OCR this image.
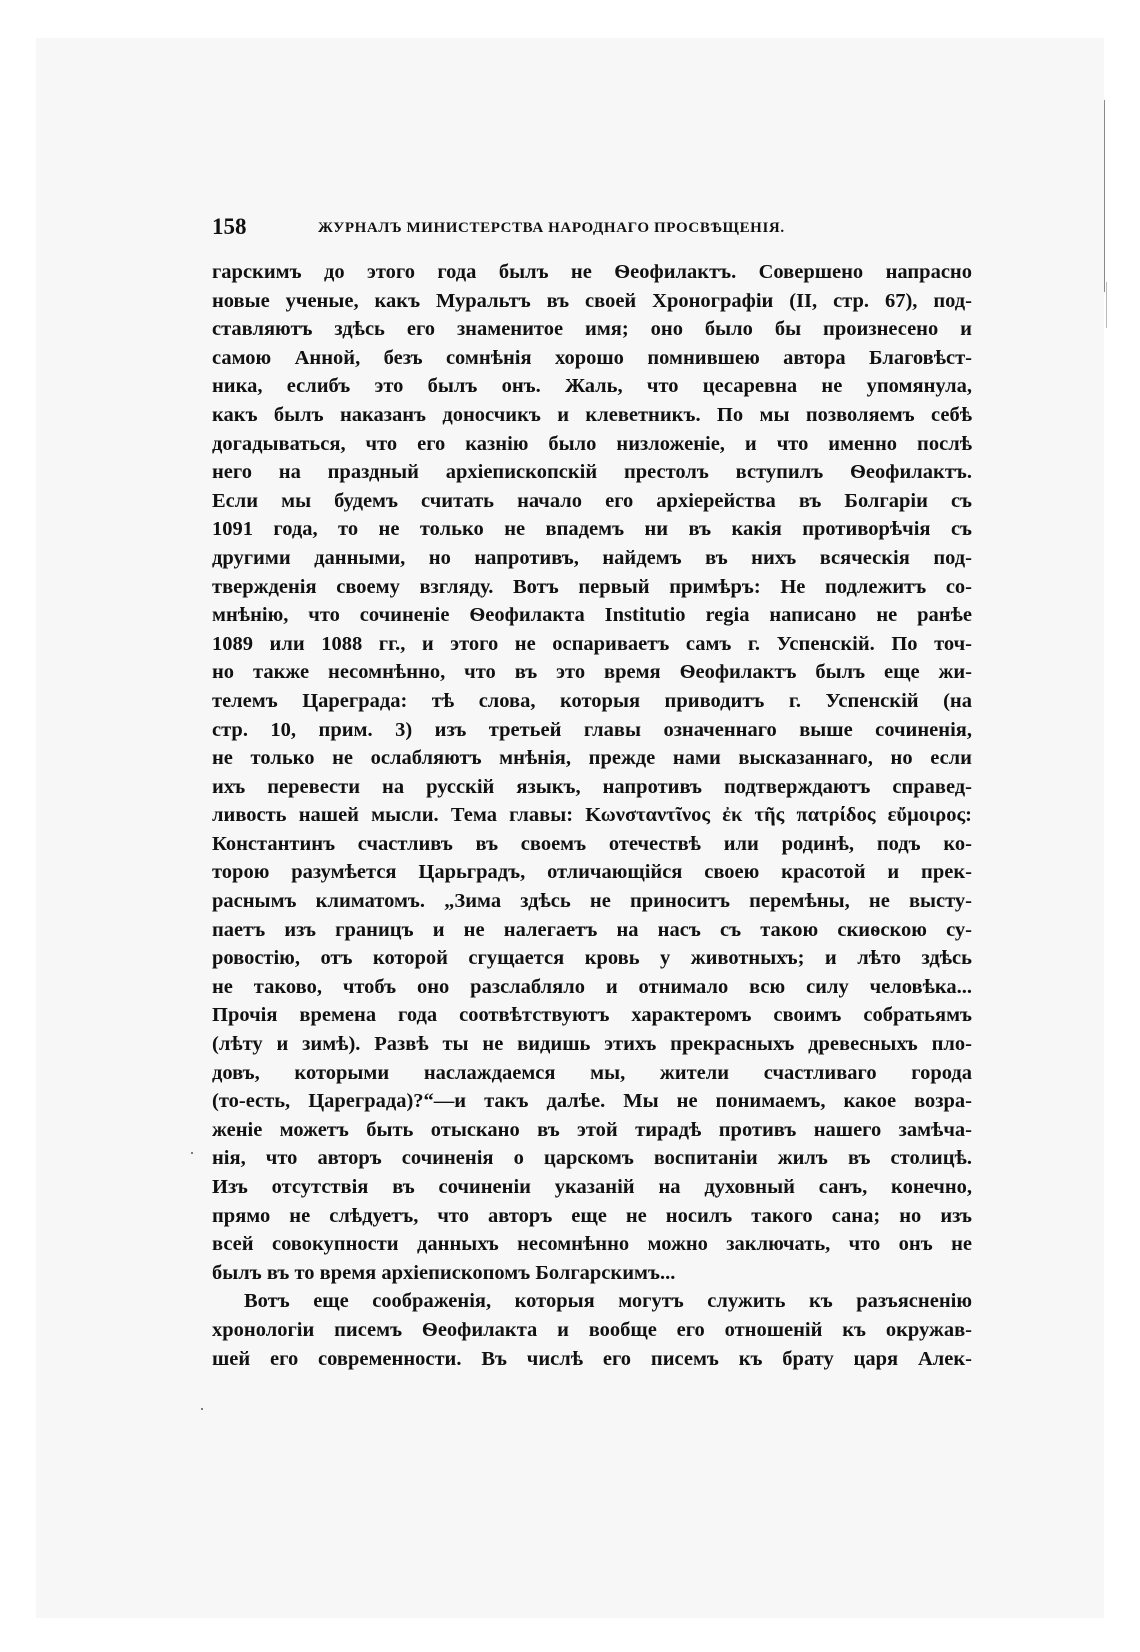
158	ЖУРНАЛЪ МИНИСТЕРСТВА НАРОДНАГО ПРОСВѢЩЕНІЯ.
гарскимъ до этого года былъ не Ѳеофилактъ. Совершено напрасно
новые ученые, какъ Муральтъ въ своей Хронографіи (II, стр. 67), под-
ставляютъ здѣсь его знаменитое имя; оно было бы произнесено и
самою Анной, безъ сомнѣнія хорошо помнившею автора Благовѣст-
ника, еслибъ это былъ онъ. Жаль, что цесаревна не упомянула,
какъ былъ наказанъ доносчикъ и клеветникъ. По мы позволяемъ себѣ
догадываться, что его казнію было низложеніе, и что именно послѣ
него на праздный архіепископскій престолъ вступилъ Ѳеофилактъ.
Если мы будемъ считать начало его архіерейства въ Болгаріи съ
1091 года, то не только не впадемъ ни въ какія противорѣчія съ
другими данными, но напротивъ, найдемъ въ нихъ всяческія под-
твержденія своему взгляду. Вотъ первый примѣръ: Не подлежитъ со-
мнѣнію, что сочиненіе Ѳеофилакта Institutio regia написано не ранѣе
1089 или 1088 гг., и этого не оспариваетъ самъ г. Успенскій. По точ-
но также несомнѣнно, что въ это время Ѳеофилактъ былъ еще жи-
телемъ Цареграда: тѣ слова, которыя приводитъ г. Успенскій (на
стр. 10, прим. 3) изъ третьей главы означеннаго выше сочиненія,
не только не ослабляютъ мнѣнія, прежде нами высказаннаго, но если
ихъ перевести на русскій языкъ, напротивъ подтверждаютъ справед-
ливость нашей мысли. Тема главы: Κωνσταντῖνος ἐκ τῆς πατρίδος εὔμοιρος:
Константинъ счастливъ въ своемъ отечествѣ или родинѣ, подъ ко-
торою разумѣется Царьградъ, отличающійся своею красотой и прек-
раснымъ климатомъ. „Зима здѣсь не приноситъ перемѣны, не высту-
паетъ изъ границъ и не налегаетъ на насъ съ такою скиѳскою су-
ровостію, отъ которой сгущается кровь у животныхъ; и лѣто здѣсь
не таково, чтобъ оно разслабляло и отнимало всю силу человѣка...
Прочія времена года соотвѣтствуютъ характеромъ своимъ собратьямъ
(лѣту и зимѣ). Развѣ ты не видишь этихъ прекрасныхъ древесныхъ пло-
довъ, которыми наслаждаемся мы, жители счастливаго города
(то-есть, Цареграда)?“—и такъ далѣе. Мы не понимаемъ, какое возра-
женіе можетъ быть отыскано въ этой тирадѣ противъ нашего замѣча-
нія, что авторъ сочиненія о царскомъ воспитаніи жилъ въ столицѣ.
Изъ отсутствія въ сочиненіи указаній на духовный санъ, конечно,
прямо не слѣдуетъ, что авторъ еще не носилъ такого сана; но изъ
всей совокупности данныхъ несомнѣнно можно заключать, что онъ не
былъ въ то время архіепископомъ Болгарскимъ...
Вотъ еще соображенія, которыя могутъ служить къ разъясненію
хронологіи писемъ Ѳеофилакта и вообще его отношеній къ окружав-
шей его современности. Въ числѣ его писемъ къ брату царя Алек-
